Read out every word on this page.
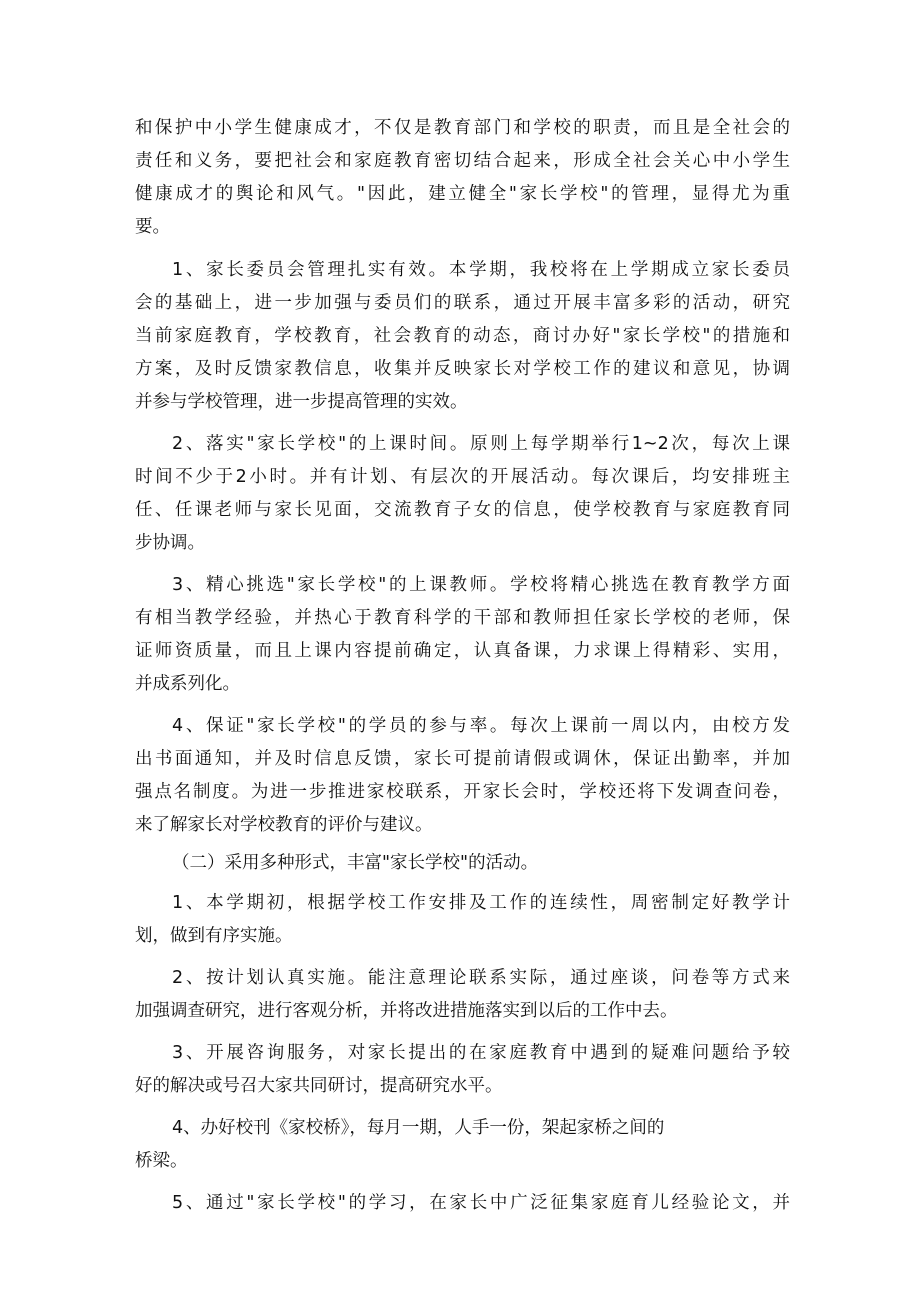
和保护中小学生健康成才，不仅是教育部门和学校的职责，而且是全社会的
责任和义务，要把社会和家庭教育密切结合起来，形成全社会关心中小学生
健康成才的舆论和风气。"因此，建立健全"家长学校"的管理，显得尤为重
要。
1、家长委员会管理扎实有效。本学期，我校将在上学期成立家长委员
会的基础上，进一步加强与委员们的联系，通过开展丰富多彩的活动，研究
当前家庭教育，学校教育，社会教育的动态，商讨办好"家长学校"的措施和
方案，及时反馈家教信息，收集并反映家长对学校工作的建议和意见，协调
并参与学校管理，进一步提高管理的实效。
2、落实"家长学校"的上课时间。原则上每学期举行1~2次，每次上课
时间不少于2小时。并有计划、有层次的开展活动。每次课后，均安排班主
任、任课老师与家长见面，交流教育子女的信息，使学校教育与家庭教育同
步协调。
3、精心挑选"家长学校"的上课教师。学校将精心挑选在教育教学方面
有相当教学经验，并热心于教育科学的干部和教师担任家长学校的老师，保
证师资质量，而且上课内容提前确定，认真备课，力求课上得精彩、实用，
并成系列化。
4、保证"家长学校"的学员的参与率。每次上课前一周以内，由校方发
出书面通知，并及时信息反馈，家长可提前请假或调休，保证出勤率，并加
强点名制度。为进一步推进家校联系，开家长会时，学校还将下发调查问卷，
来了解家长对学校教育的评价与建议。
（二）采用多种形式，丰富"家长学校"的活动。
1、本学期初，根据学校工作安排及工作的连续性，周密制定好教学计
划，做到有序实施。
2、按计划认真实施。能注意理论联系实际，通过座谈，问卷等方式来
加强调查研究，进行客观分析，并将改进措施落实到以后的工作中去。
3、开展咨询服务，对家长提出的在家庭教育中遇到的疑难问题给予较
好的解决或号召大家共同研讨，提高研究水平。
4、办好校刊《家校桥》，每月一期，人手一份，架起家桥之间的
桥梁。
5、通过"家长学校"的学习，在家长中广泛征集家庭育儿经验论文，并
